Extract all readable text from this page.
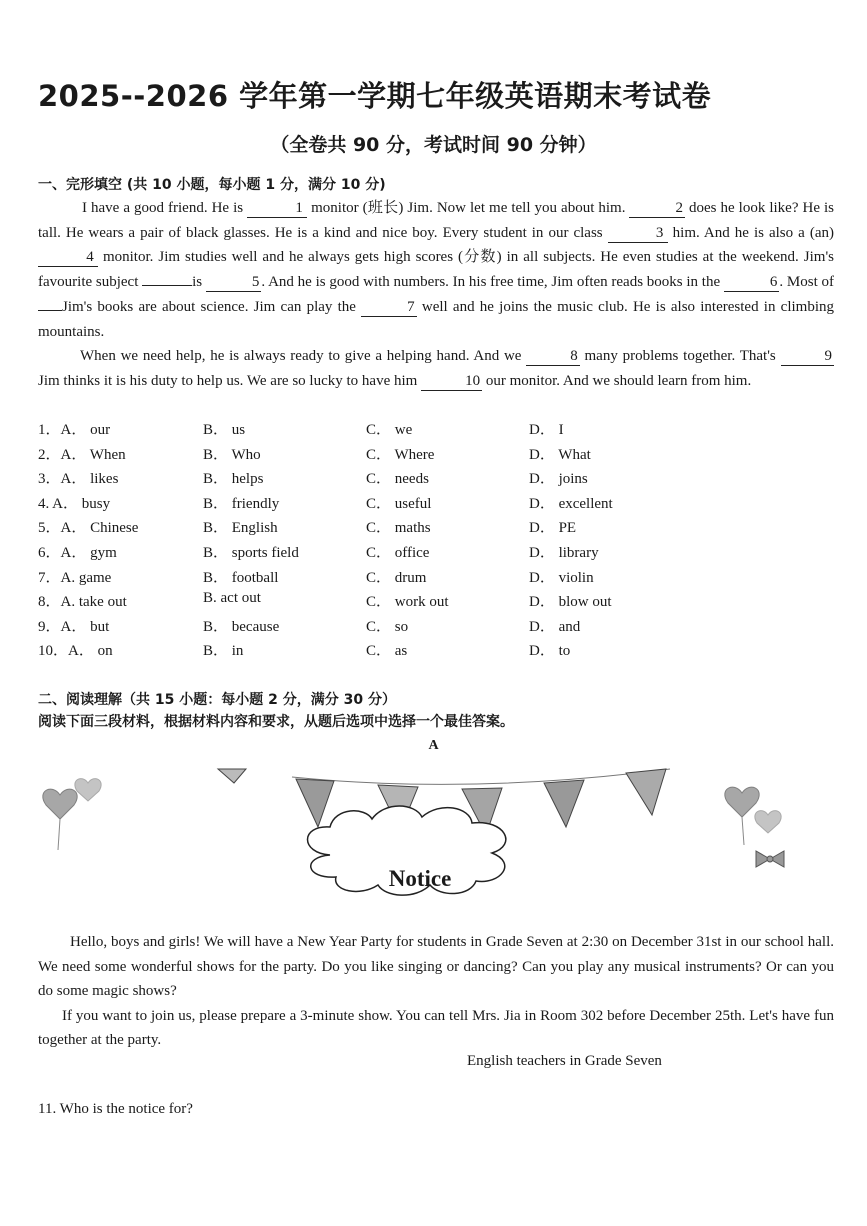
2025--2026 学年第一学期七年级英语期末考试卷
（全卷共 90 分，考试时间 90 分钟）
一、完形填空 (共 10 小题，每小题 1 分，满分 10 分)

I have a good friend. He is	1 monitor (班长) Jim. Now let me tell you about him.	2 does he look like? He is tall. He wears a pair of black glasses. He is a kind and nice boy. Every student in our class	3 him. And he is also a (an) 4 monitor. Jim studies well and he always gets high scores (分数) in all subjects. He even studies at the weekend. Jim's favourite subject	is	5 . And he is good with numbers. In his free time, Jim often reads books in the	6 . Most of Jim's books are about science. Jim can play the	7 well and he joins the music club. He is also interested in climbing mountains.

When we need help, he is always ready to give a helping hand. And we	8 many problems together. That's	9 Jim thinks it is his duty to help us. We are so lucky to have him	10 our monitor. And we should learn from him.

1．A． our	B． us	C． we	D． I
2．A． When	B． Who	C． Where	D． What
3．A． likes	B． helps	C． needs	D． joins
4. A． busy	B． friendly	C． useful	D． excellent
5．A． Chinese	B． English	C． maths	D． PE
6．A． gym	B． sports field	C． office	D． library
7．A. game	B． football	C． drum	D． violin
8．A. take out	B. act out	C． work out	D． blow out
9．A． but	B． because	C． so	D． and
10．A． on	B． in	C． as	D． to
二、阅读理解（共 15 小题：每小题 2 分，满分 30 分）
阅读下面三段材料，根据材料内容和要求，从题后选项中选择一个最佳答案。
A
Notice

Hello, boys and girls! We will have a New Year Party for students in Grade Seven at 2:30 on December 31st in our school hall. We need some wonderful shows for the party. Do you like singing or dancing? Can you play any musical instruments? Or can you do some magic shows?

If you want to join us, please prepare a 3-minute show. You can tell Mrs. Jia in Room 302 before December 25th. Let's have fun together at the party.

English teachers in Grade Seven
11. Who is the notice for?
